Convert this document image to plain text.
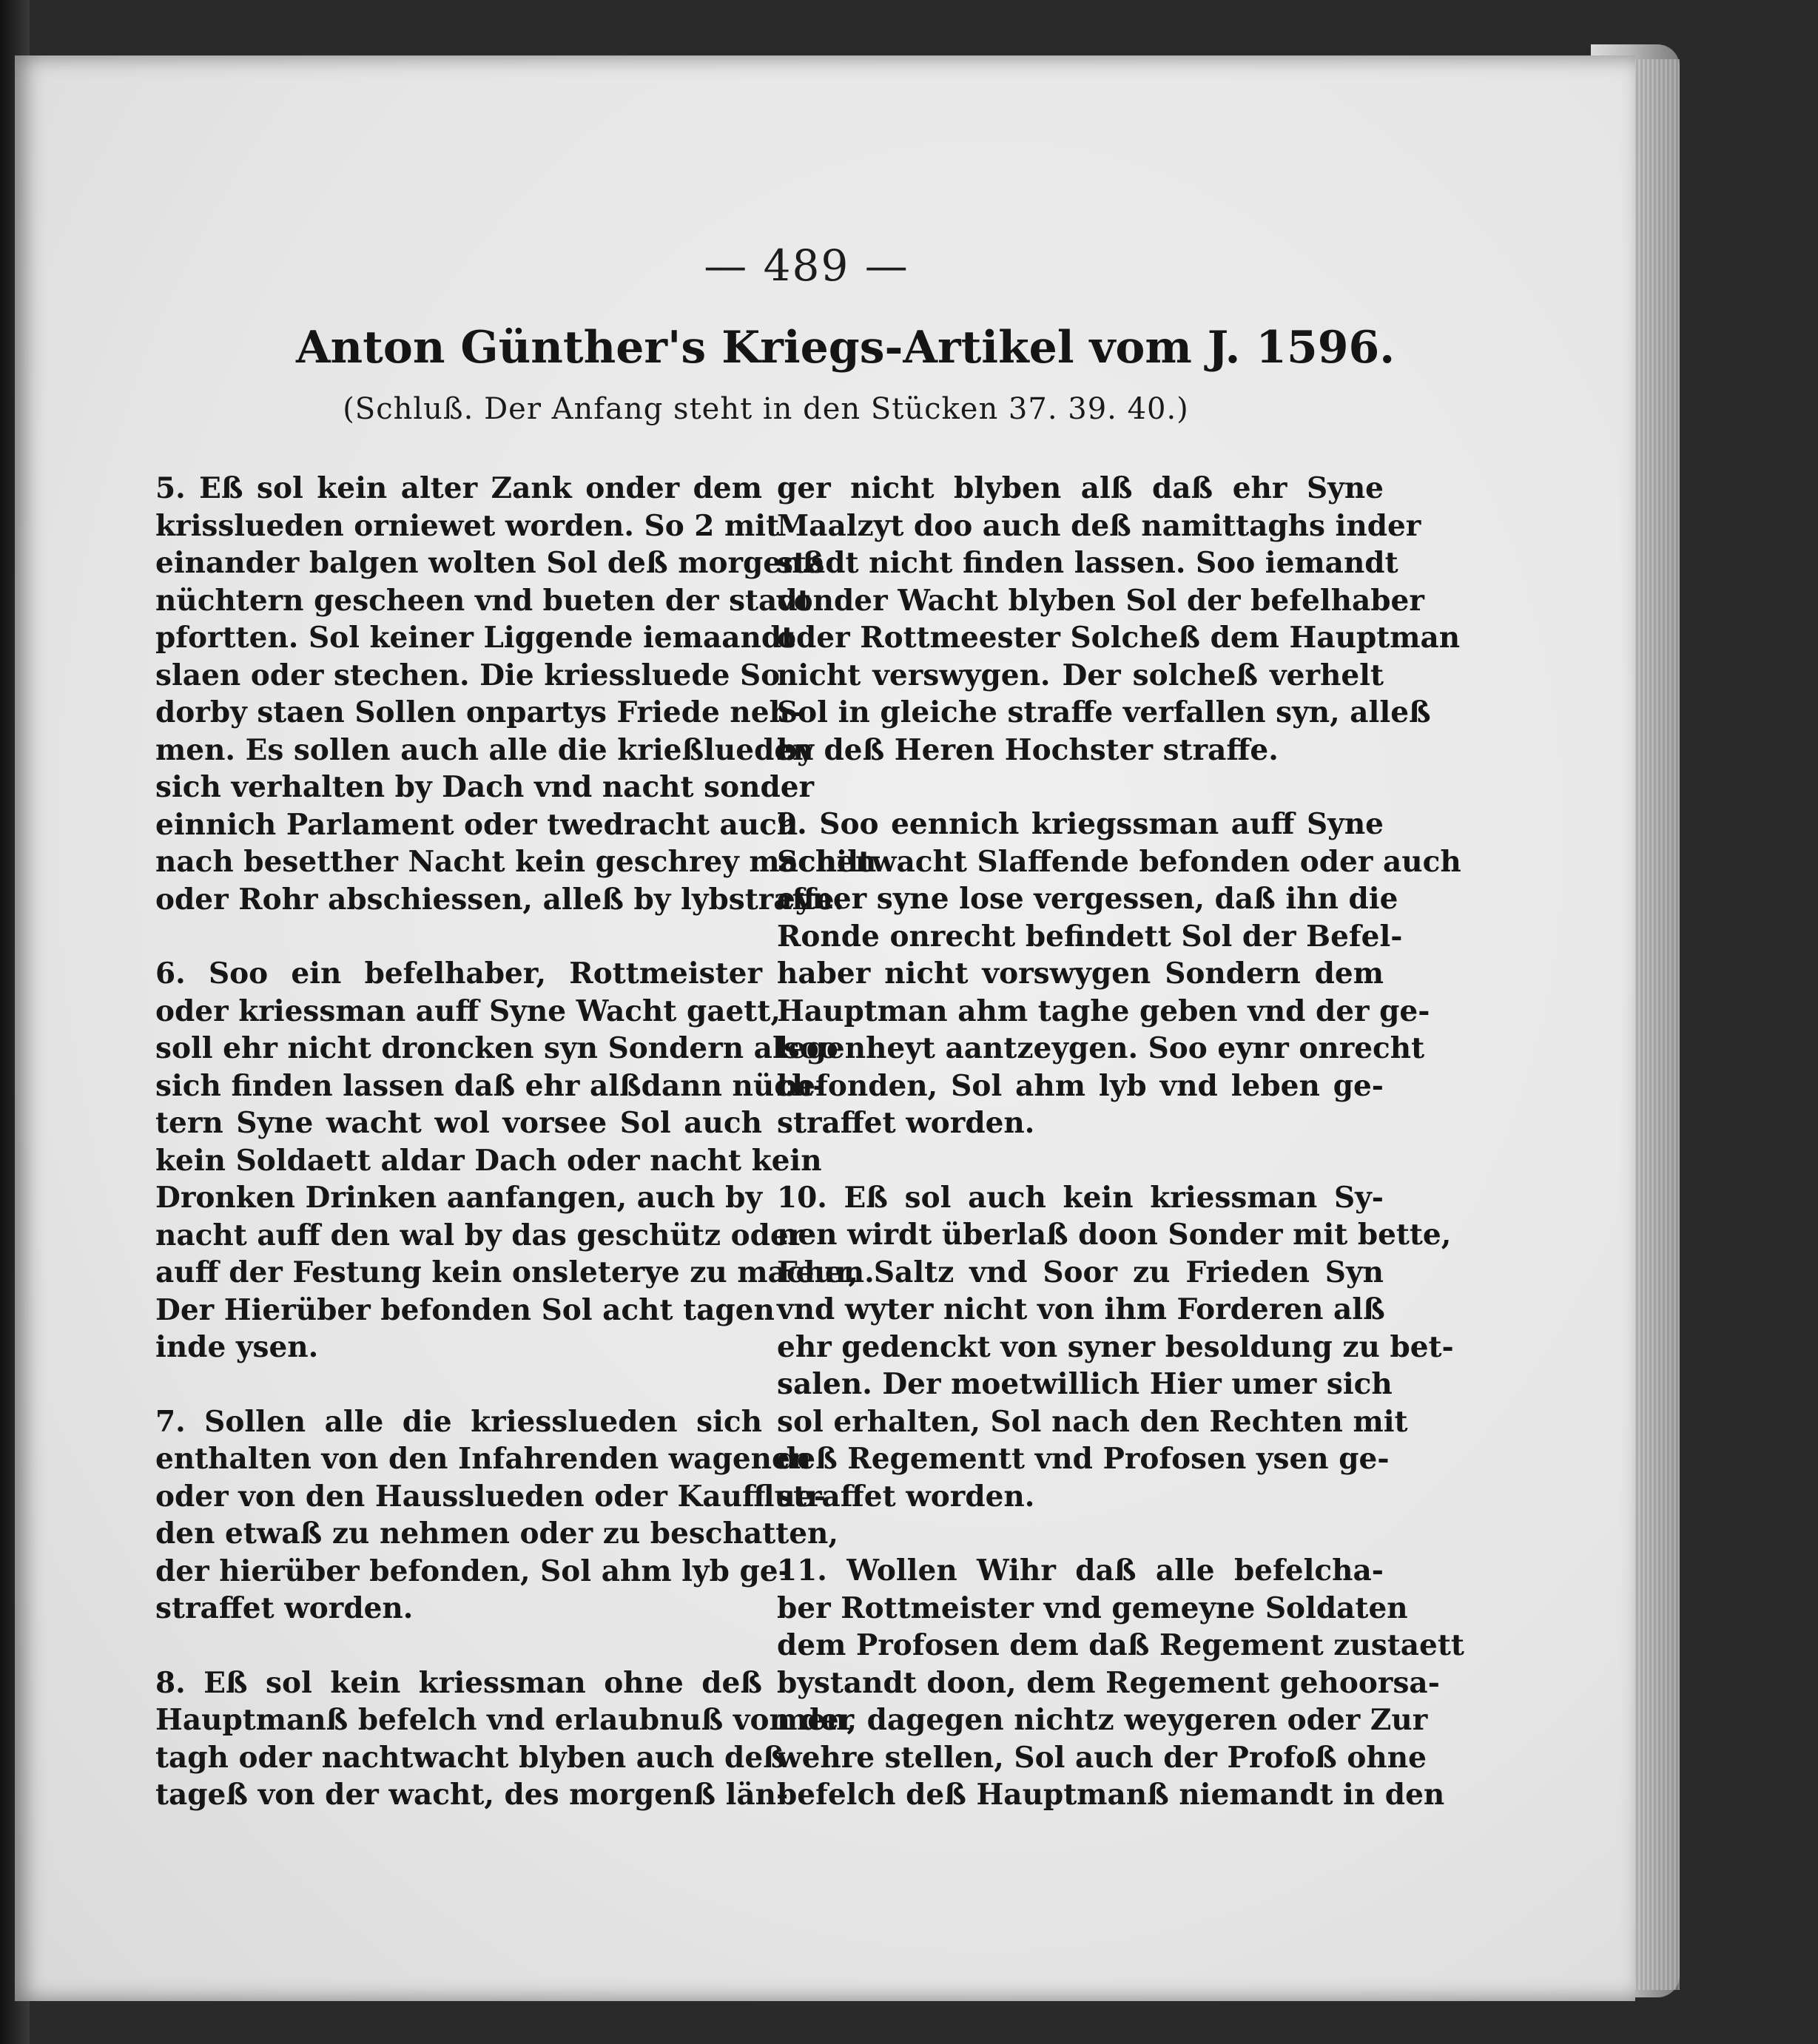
— 489 —
Anton Günther's Kriegs-Artikel vom J. 1596.
(Schluß. Der Anfang steht in den Stücken 37. 39. 40.)
5. Eß sol kein alter Zank onder dem
krisslueden orniewet worden. So 2 mit
einander balgen wolten Sol deß morgenß
nüchtern gescheen vnd bueten der stadt
pfortten. Sol keiner Liggende iemaandt
slaen oder stechen. Die kriessluede So
dorby staen Sollen onpartys Friede neh-
men. Es sollen auch alle die krießlueden
sich verhalten by Dach vnd nacht sonder
einnich Parlament oder twedracht auch
nach besetther Nacht kein geschrey machen
oder Rohr abschiessen, alleß by lybstraffe.
6. Soo ein befelhaber, Rottmeister
oder kriessman auff Syne Wacht gaett,
soll ehr nicht droncken syn Sondern alsoo
sich finden lassen daß ehr alßdann nüch-
tern Syne wacht wol vorsee Sol auch
kein Soldaett aldar Dach oder nacht kein
Dronken Drinken aanfangen, auch by
nacht auff den wal by das geschütz oder
auff der Festung kein onsleterye zu machen.
Der Hierüber befonden Sol acht tagen
inde ysen.
7. Sollen alle die kriesslueden sich
enthalten von den Infahrenden wagenen
oder von den Haussluеden oder Kaufflue-
den etwaß zu nehmen oder zu beschatten,
der hierüber befonden, Sol ahm lyb ge-
straffet worden.
8. Eß sol kein kriessman ohne deß
Hauptmanß befelch vnd erlaubnuß von der
tagh oder nachtwacht blyben auch deß
tageß von der wacht, des morgenß län-
ger nicht blyben alß daß ehr Syne
Maalzyt doo auch deß namittaghs inder
stadt nicht finden lassen. Soo iemandt
vonder Wacht blyben Sol der befelhaber
oder Rottmeester Solcheß dem Hauptman
nicht verswygen. Der solcheß verhelt
Sol in gleiche straffe verfallen syn, alleß
by deß Heren Hochster straffe.
9. Soo eennich kriegssman auff Syne
Schiltwacht Slaffende befonden oder auch
eyner syne lose vergessen, daß ihn die
Ronde onrecht befindett Sol der Befel-
haber nicht vorswygen Sondern dem
Hauptman ahm taghe geben vnd der ge-
legenheyt aantzeygen. Soo eynr onrecht
befonden, Sol ahm lyb vnd leben ge-
straffet worden.
10. Eß sol auch kein kriessman Sy-
nen wirdt überlaß doon Sonder mit bette,
Feur, Saltz vnd Soor zu Frieden Syn
vnd wyter nicht von ihm Forderen alß
ehr gedenckt von syner besoldung zu bet-
salen. Der moetwillich Hier umer sich
sol erhalten, Sol nach den Rechten mit
deß Regementt vnd Profosen ysen ge-
straffet worden.
11. Wollen Wihr daß alle befelcha-
ber Rottmeister vnd gemeyne Soldaten
dem Profosen dem daß Regement zustaett
bystandt doon, dem Regement gehoorsa-
men, dagegen nichtz weygeren oder Zur
wehre stellen, Sol auch der Profoß ohne
befelch deß Hauptmanß niemandt in den
